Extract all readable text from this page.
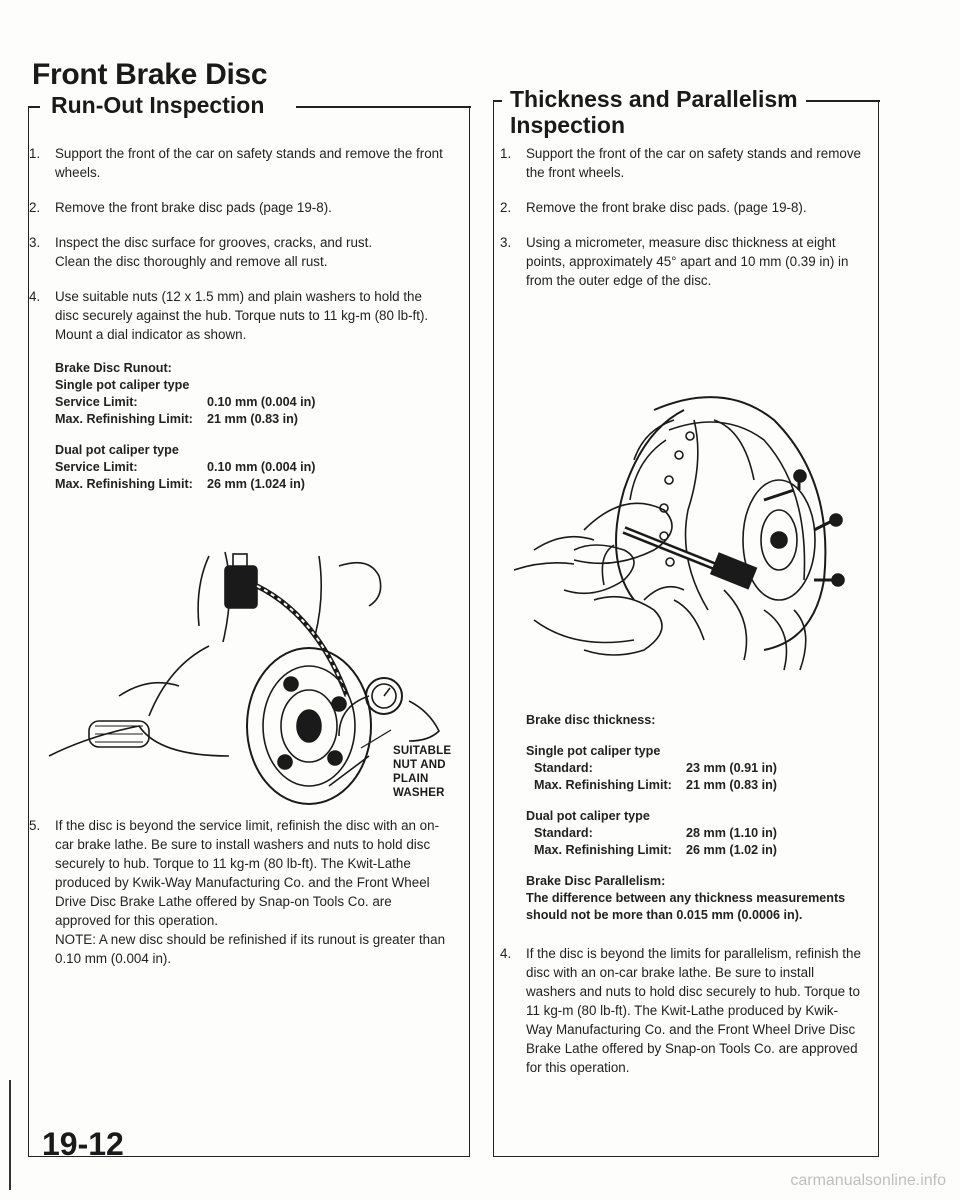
Front Brake Disc
Run-Out Inspection
1. Support the front of the car on safety stands and remove the front wheels.

2. Remove the front brake disc pads (page 19-8).

3. Inspect the disc surface for grooves, cracks, and rust.

Clean the disc thoroughly and remove all rust.

4. Use suitable nuts (12 x 1.5 mm) and plain washers to hold the disc securely against the hub. Torque nuts to 11 kg-m (80 lb-ft). Mount a dial indicator as shown.

Brake Disc Runout:
Single pot caliper type
Service Limit:	0.10 mm (0.004 in)
Max. Refinishing Limit:	21 mm (0.83 in)
Dual pot caliper type
Service Limit:	0.10 mm (0.004 in)
Max. Refinishing Limit:	26 mm (1.024 in)
SUITABLE NUT AND PLAIN WASHER
5. If the disc is beyond the service limit, refinish the disc with an on-car brake lathe. Be sure to install washers and nuts to hold disc securely to hub. Torque to 11 kg-m (80 lb-ft). The Kwit-Lathe produced by Kwik-Way Manufacturing Co. and the Front Wheel Drive Disc Brake Lathe offered by Snap-on Tools Co. are approved for this operation.

NOTE: A new disc should be refinished if its runout is greater than 0.10 mm (0.004 in).

Thickness and Parallelism
Inspection
1. Support the front of the car on safety stands and remove the front wheels.

2. Remove the front brake disc pads. (page 19-8).

3. Using a micrometer, measure disc thickness at eight points, approximately 45° apart and 10 mm (0.39 in) in from the outer edge of the disc.

Brake disc thickness:
Single pot caliper type
Standard:	23 mm (0.91 in)
Max. Refinishing Limit:	21 mm (0.83 in)
Dual pot caliper type
Standard:	28 mm (1.10 in)
Max. Refinishing Limit:	26 mm (1.02 in)
Brake Disc Parallelism:
The difference between any thickness measurements should not be more than 0.015 mm (0.0006 in).
4. If the disc is beyond the limits for parallelism, refinish the disc with an on-car brake lathe. Be sure to install washers and nuts to hold disc securely to hub. Torque to 11 kg-m (80 lb-ft). The Kwit-Lathe produced by Kwik-Way Manufacturing Co. and the Front Wheel Drive Disc Brake Lathe offered by Snap-on Tools Co. are approved for this operation.

19-12
carmanualsonline.info
